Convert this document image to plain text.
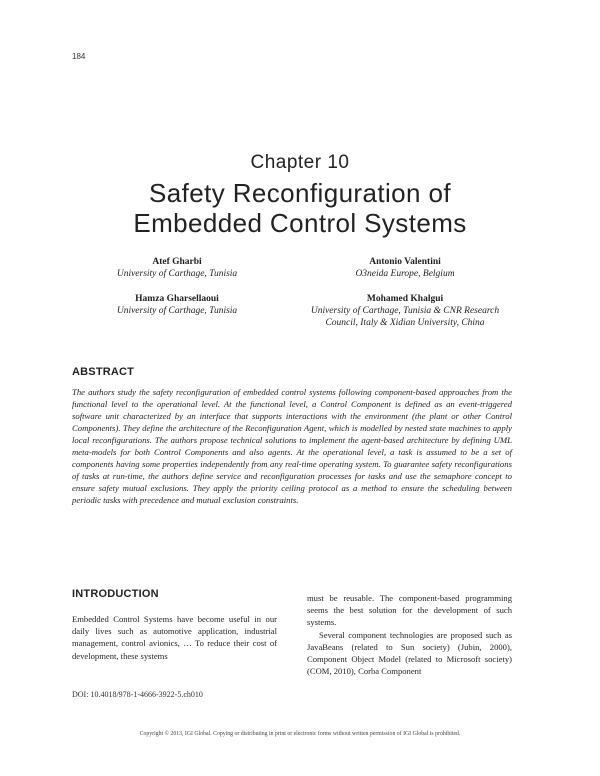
184
Chapter 10
Safety Reconfiguration of
Embedded Control Systems
Atef Gharbi
University of Carthage, Tunisia
Antonio Valentini
O3neida Europe, Belgium
Hamza Gharsellaoui
University of Carthage, Tunisia
Mohamed Khalgui
University of Carthage, Tunisia & CNR Research Council, Italy & Xidian University, China
ABSTRACT

The authors study the safety reconfiguration of embedded control systems following component-based approaches from the functional level to the operational level. At the functional level, a Control Component is defined as an event-triggered software unit characterized by an interface that supports interactions with the environment (the plant or other Control Components). They define the architecture of the Reconfiguration Agent, which is modelled by nested state machines to apply local reconfigurations. The authors propose technical solutions to implement the agent-based architecture by defining UML meta-models for both Control Components and also agents. At the operational level, a task is assumed to be a set of components having some properties independently from any real-time operating system. To guarantee safety reconfigurations of tasks at run-time, the authors define service and reconfiguration processes for tasks and use the semaphore concept to ensure safety mutual exclusions. They apply the priority ceiling protocol as a method to ensure the scheduling between periodic tasks with precedence and mutual exclusion constraints.

INTRODUCTION

Embedded Control Systems have become useful in our daily lives such as automotive application, industrial management, control avionics, … To reduce their cost of development, these systems

must be reusable. The component-based programming seems the best solution for the development of such systems.

Several component technologies are proposed such as JavaBeans (related to Sun society) (Jubin, 2000), Component Object Model (related to Microsoft society) (COM, 2010), Corba Component

DOI: 10.4018/978-1-4666-3922-5.ch010
Copyright © 2013, IGI Global. Copying or distributing in print or electronic forms without written permission of IGI Global is prohibited.
